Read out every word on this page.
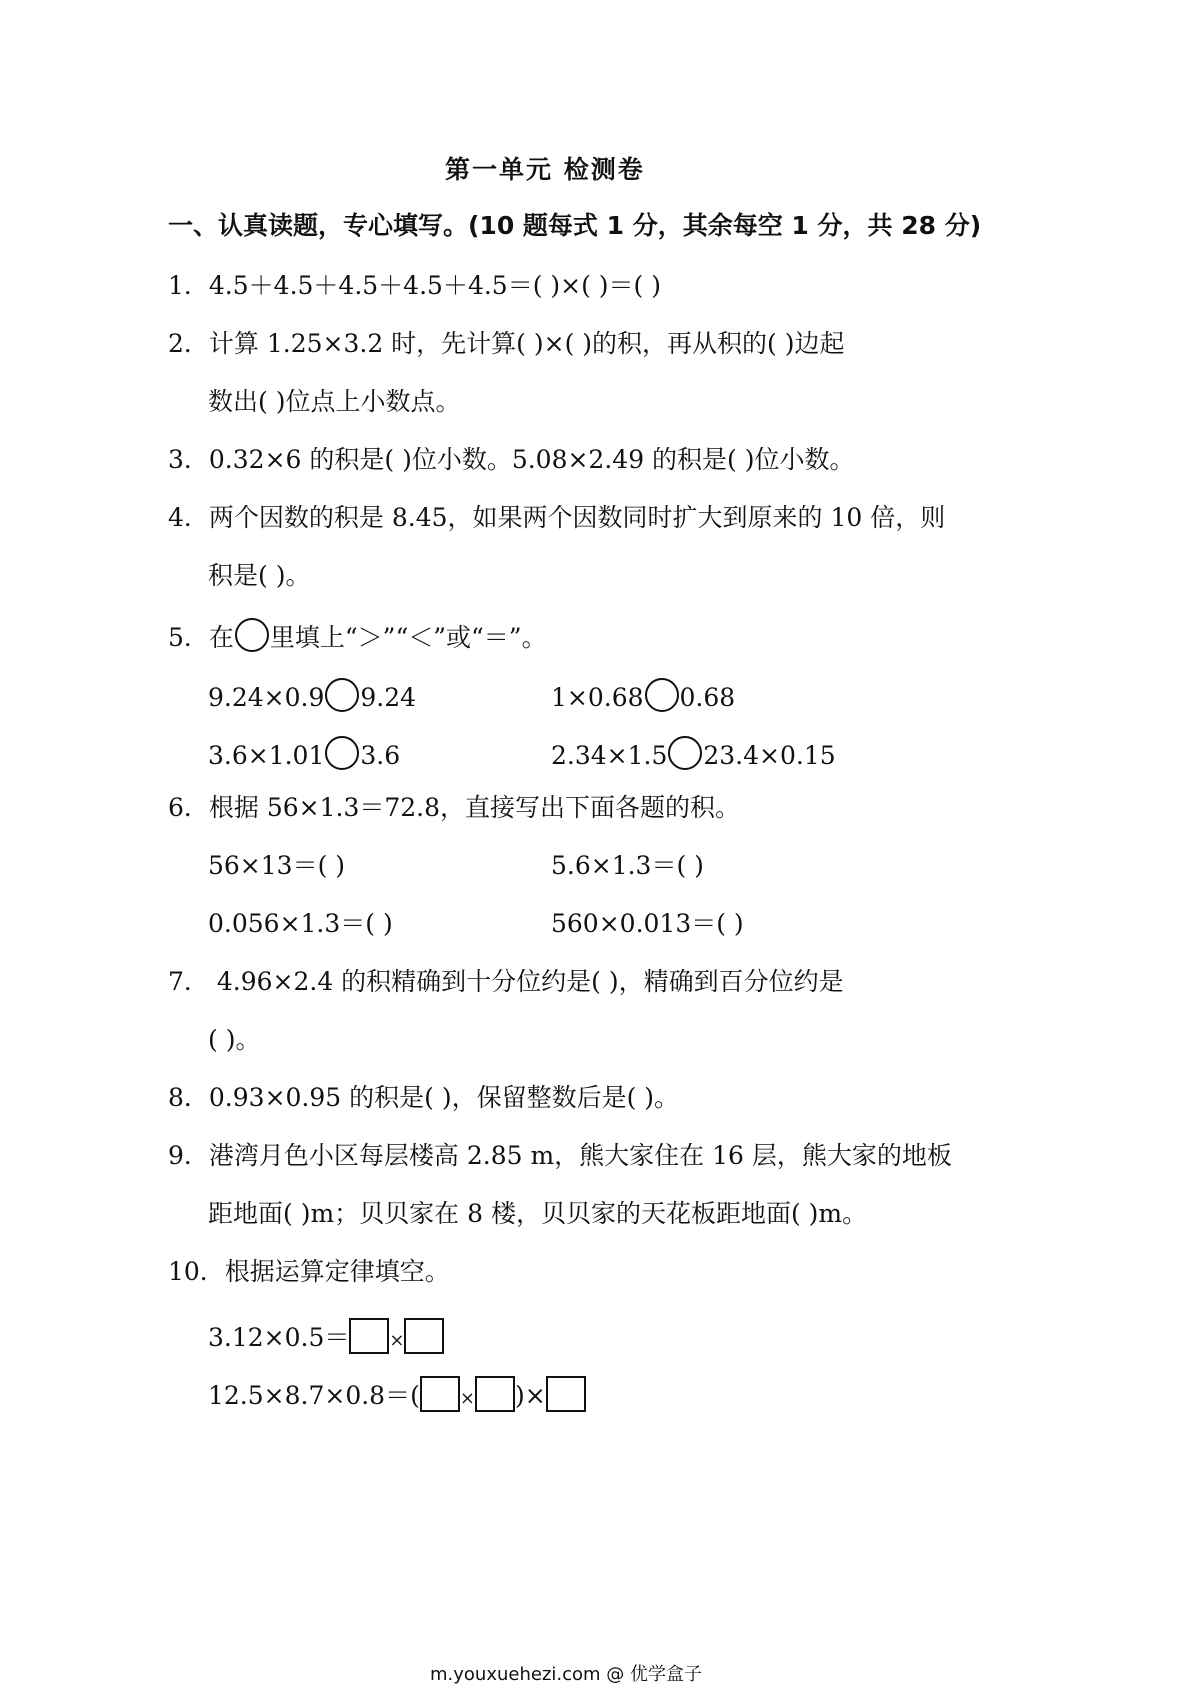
第一单元 检测卷
一、认真读题，专心填写。(10 题每式 1 分，其余每空 1 分，共 28 分)
1．4.5＋4.5＋4.5＋4.5＋4.5＝( )×( )＝( )
2．计算 1.25×3.2 时，先计算( )×( )的积，再从积的( )边起
数出( )位点上小数点。
3．0.32×6 的积是( )位小数。5.08×2.49 的积是( )位小数。
4．两个因数的积是 8.45，如果两个因数同时扩大到原来的 10 倍，则
积是( )。
5．在 里填上“＞”“＜”或“＝”。
9.24×0.9 9.24	1×0.68 0.68
3.6×1.01 3.6	2.34×1.5 23.4×0.15
6．根据 56×1.3＝72.8，直接写出下面各题的积。
56×13＝( )	5.6×1.3＝( )
0.056×1.3＝( )	560×0.013＝( )
7． 4.96×2.4 的积精确到十分位约是( )，精确到百分位约是
( )。
8．0.93×0.95 的积是( )，保留整数后是( )。
9．港湾月色小区每层楼高 2.85 m，熊大家住在 16 层，熊大家的地板
距地面( )m；贝贝家在 8 楼，贝贝家的天花板距地面( )m。
10．根据运算定律填空。
3.12×0.5＝ ×
12.5×8.7×0.8＝( × )×
m.youxuehezi.com @ 优学盒子
